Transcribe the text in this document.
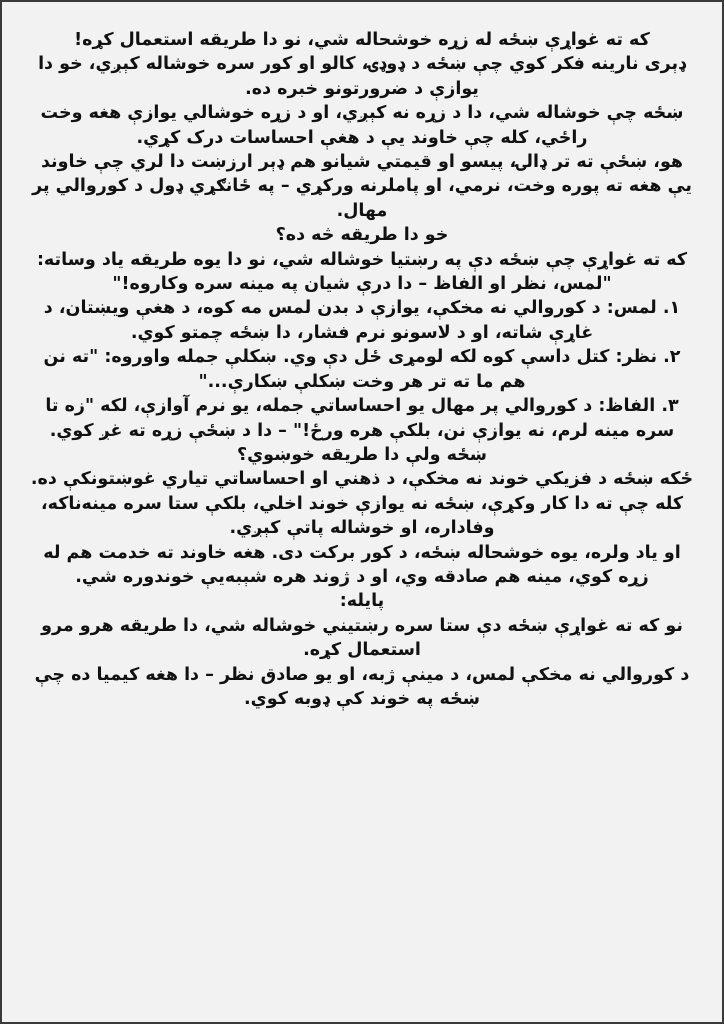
که ته غواړې ښځه له زړه خوشحاله شي، نو دا طریقه استعمال کړه!

ډېری نارینه فکر کوي چې ښځه د ډوډۍ، کالو او کور سره خوشاله کېږي، خو دا یوازې د ضرورتونو خبره ده.

ښځه چې خوشاله شي، دا د زړه نه کېږي، او د زړه خوشالي یوازې هغه وخت راځي، کله چې خاوند یې د هغې احساسات درک کړي.

هو، ښځې ته تر ډالۍ، پیسو او قیمتي شیانو هم ډېر ارزښت دا لري چې خاوند یې هغه ته پوره وخت، نرمي، او پاملرنه ورکړي – په ځانګړي ډول د کوروالي پر مهال.

خو دا طریقه څه ده؟

که ته غواړې چې ښځه دې په رښتیا خوشاله شي، نو دا یوه طریقه یاد وساته:

"لمس، نظر او الفاظ – دا درې شیان په مینه سره وکاروه!"

١. لمس: د کوروالي نه مخکې، یوازې د بدن لمس مه کوه، د هغې ویښتان، د غاړې شاته، او د لاسونو نرم فشار، دا ښځه چمتو کوي.

٢. نظر: کتل داسې کوه لکه لومړی ځل دې وي. ښکلې جمله واوروه: "ته نن هم ما ته تر هر وخت ښکلې ښکارې..."

٣. الفاظ: د کوروالي پر مهال یو احساساتي جمله، یو نرم آوازې، لکه "زه تا سره مینه لرم، نه یوازې نن، بلکې هره ورځ!" – دا د ښځې زړه ته غږ کوي.

ښځه ولې دا طریقه خوښوي؟

ځکه ښځه د فزیکي خوند نه مخکې، د ذهني او احساساتي تیاري غوښتونکې ده.

کله چې ته دا کار وکړې، ښځه نه یوازې خوند اخلي، بلکې ستا سره مینه‌ناکه، وفاداره، او خوشاله پاتې کېږي.

او یاد ولره، یوه خوشحاله ښځه، د کور برکت دی. هغه خاوند ته خدمت هم له زړه کوي، مینه هم صادقه وي، او د ژوند هره شېبه‌یې خوندوره شي.

پایله:

نو که ته غواړې ښځه دې ستا سره رښتیني خوشاله شي، دا طریقه هرو مرو استعمال کړه.

د کوروالي نه مخکې لمس، د مینې ژبه، او یو صادق نظر – دا هغه کیمیا ده چې ښځه په خوند کې ډوبه کوي.
